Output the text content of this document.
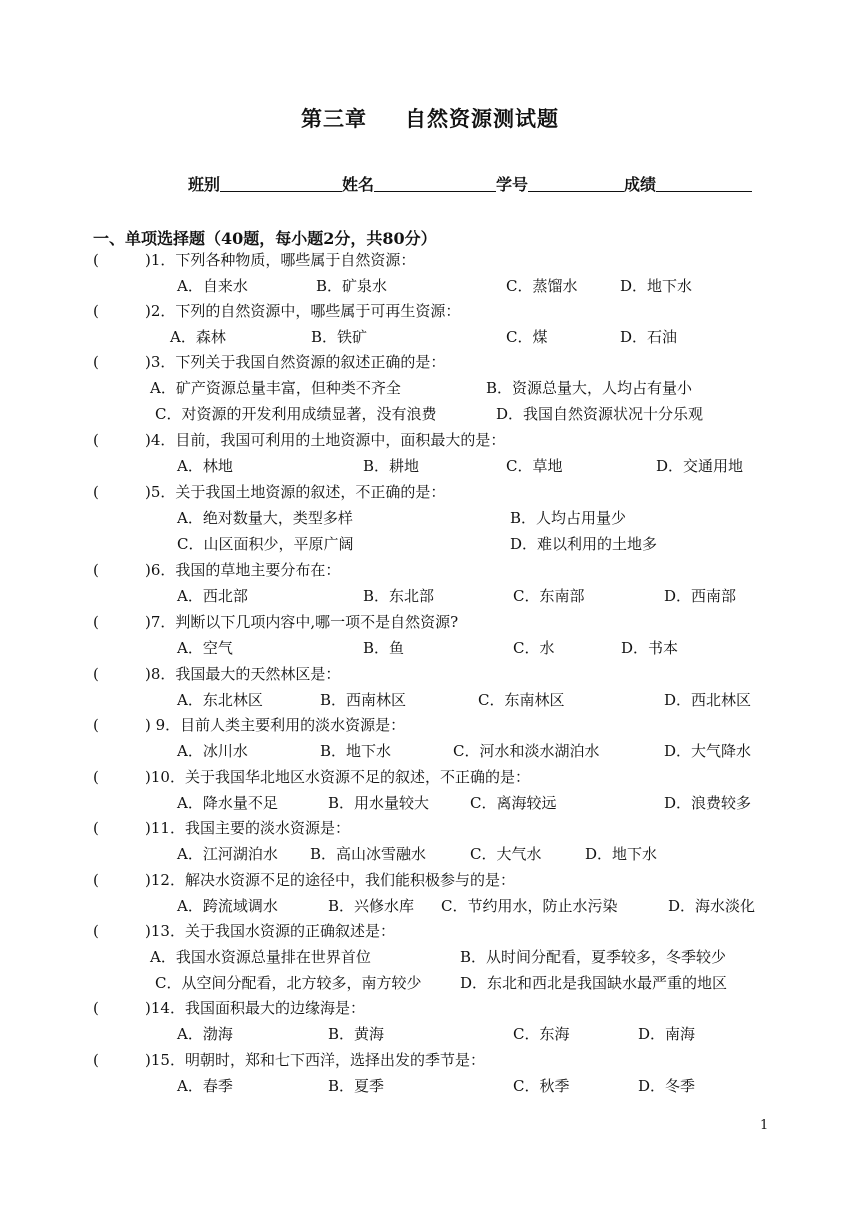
第三章 自然资源测试题
班别	姓名	学号	成绩
一、单项选择题（40题，每小题2分，共80分）
(	)1．下列各种物质，哪些属于自然资源：
A．自来水	B．矿泉水	C．蒸馏水	D．地下水
(	)2．下列的自然资源中，哪些属于可再生资源：
A．森林	B．铁矿	C．煤	D．石油
(	)3．下列关于我国自然资源的叙述正确的是：
A．矿产资源总量丰富，但种类不齐全	B．资源总量大，人均占有量小
C．对资源的开发利用成绩显著，没有浪费	D．我国自然资源状况十分乐观
(	)4．目前，我国可利用的土地资源中，面积最大的是：
A．林地	B．耕地	C．草地	D．交通用地
(	)5．关于我国土地资源的叙述，不正确的是：
A．绝对数量大，类型多样	B．人均占用量少
C．山区面积少，平原广阔	D．难以利用的土地多
(	)6．我国的草地主要分布在：
A．西北部	B．东北部	C．东南部	D．西南部
(	)7．判断以下几项内容中,哪一项不是自然资源?
A．空气	B．鱼	C．水	D．书本
(	)8．我国最大的天然林区是：
A．东北林区	B．西南林区	C．东南林区	D．西北林区
(	) 9．目前人类主要利用的淡水资源是：
A．冰川水	B．地下水	C．河水和淡水湖泊水	D．大气降水
(	)10．关于我国华北地区水资源不足的叙述，不正确的是：
A．降水量不足	B．用水量较大	C．离海较远	D．浪费较多
(	)11．我国主要的淡水资源是：
A．江河湖泊水 B．高山冰雪融水	C．大气水	D．地下水
(	)12．解决水资源不足的途径中，我们能积极参与的是：
A．跨流域调水	B．兴修水库 C．节约用水，防止水污染	D．海水淡化
(	)13．关于我国水资源的正确叙述是：
A．我国水资源总量排在世界首位	B．从时间分配看，夏季较多，冬季较少
C．从空间分配看，北方较多，南方较少	D．东北和西北是我国缺水最严重的地区
(	)14．我国面积最大的边缘海是：
A．渤海	B．黄海	C．东海	D．南海
(	)15．明朝时，郑和七下西洋，选择出发的季节是：
A．春季	B．夏季	C．秋季	D．冬季
1
